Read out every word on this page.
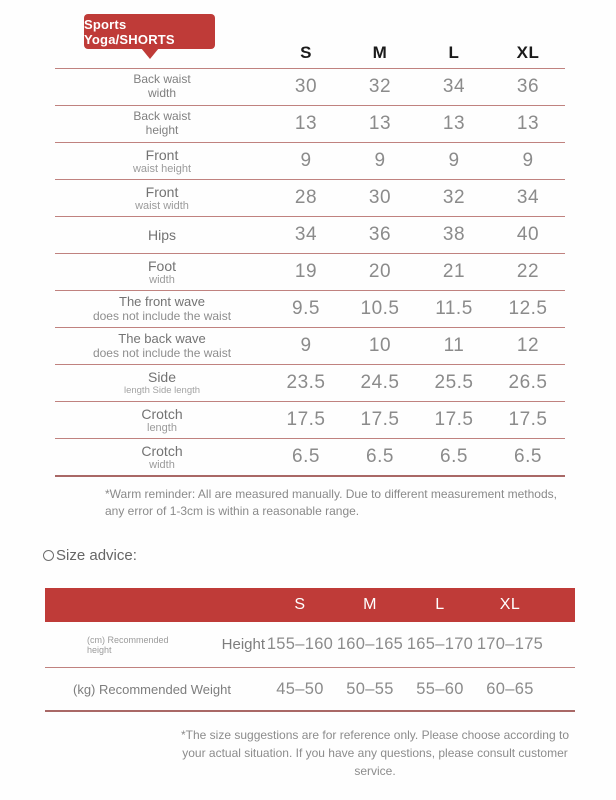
Sports Yoga/SHORTS
S	M	L	XL
Back waist
width	30	32	34	36
Back waist
height	13	13	13	13
Front
waist height	9	9	9	9
Front
waist width	28	30	32	34
Hips	34	36	38	40
Foot
width	19	20	21	22
The front wave
does not include the waist	9.5	10.5	11.5	12.5
The back wave
does not include the waist	9	10	11	12
Side
length Side length	23.5	24.5	25.5	26.5
Crotch
length	17.5	17.5	17.5	17.5
Crotch
width	6.5	6.5	6.5	6.5
*Warm reminder: All are measured manually. Due to different measurement methods, any error of 1-3cm is within a reasonable range.
Size advice:
S	M	L	XL
(cm) Recommended height	Height 155–160 160–165 165–170 170–175
(kg) Recommended Weight	45–50	50–55	55–60	60–65
*The size suggestions are for reference only. Please choose according to your actual situation. If you have any questions, please consult customer service.
